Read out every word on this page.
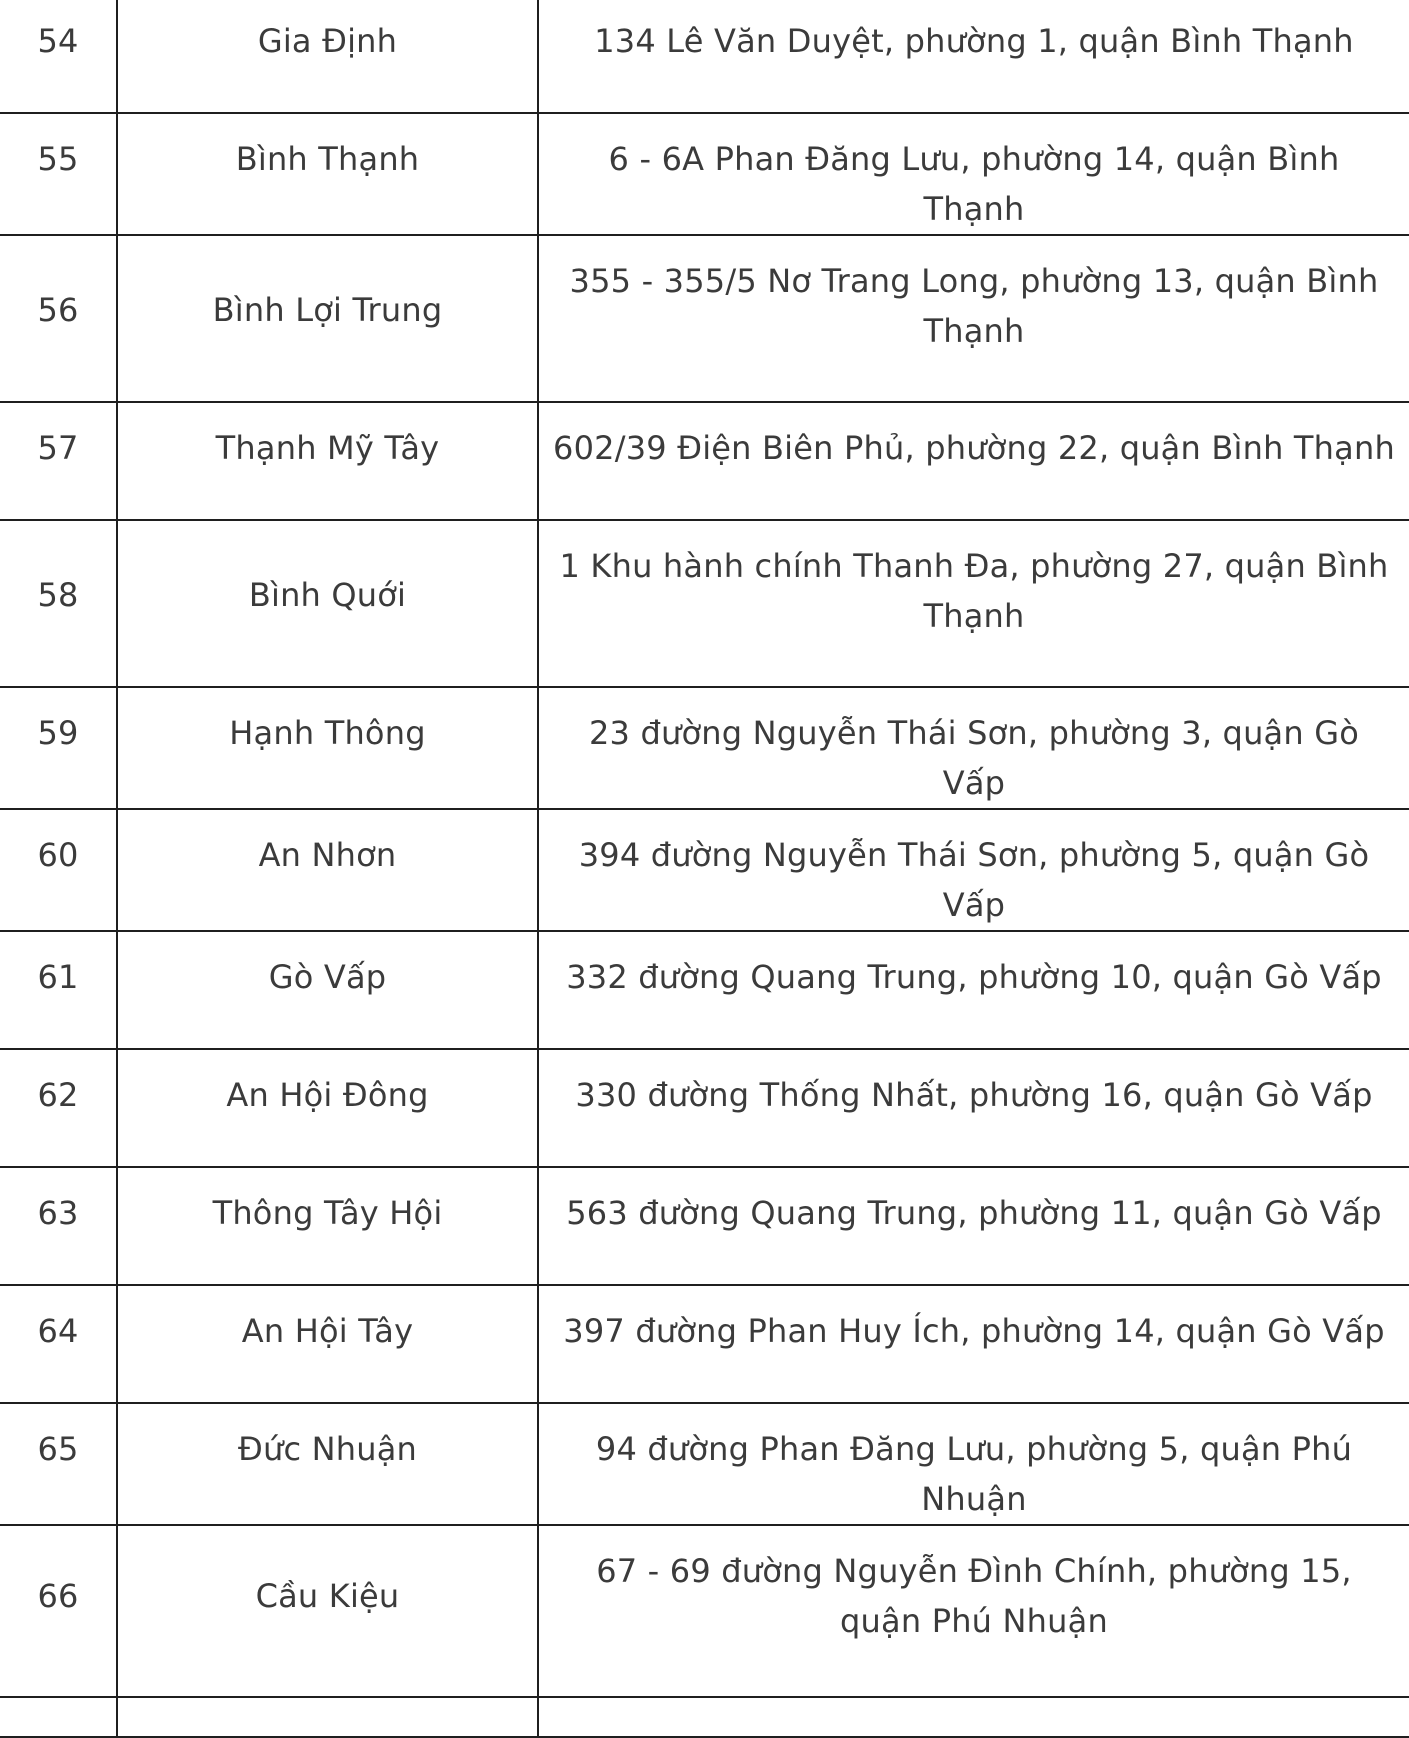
54	Gia Định	134 Lê Văn Duyệt, phường 1, quận Bình Thạnh
55	Bình Thạnh	6 - 6A Phan Đăng Lưu, phường 14, quận Bình Thạnh
56	Bình Lợi Trung	355 - 355/5 Nơ Trang Long, phường 13, quận Bình Thạnh
57	Thạnh Mỹ Tây	602/39 Điện Biên Phủ, phường 22, quận Bình Thạnh
58	Bình Quới	1 Khu hành chính Thanh Đa, phường 27, quận Bình Thạnh
59	Hạnh Thông	23 đường Nguyễn Thái Sơn, phường 3, quận Gò Vấp
60	An Nhơn	394 đường Nguyễn Thái Sơn, phường 5, quận Gò Vấp
61	Gò Vấp	332 đường Quang Trung, phường 10, quận Gò Vấp
62	An Hội Đông	330 đường Thống Nhất, phường 16, quận Gò Vấp
63	Thông Tây Hội	563 đường Quang Trung, phường 11, quận Gò Vấp
64	An Hội Tây	397 đường Phan Huy Ích, phường 14, quận Gò Vấp
65	Đức Nhuận	94 đường Phan Đăng Lưu, phường 5, quận Phú Nhuận
66	Cầu Kiệu	67 - 69 đường Nguyễn Đình Chính, phường 15, quận Phú Nhuận
